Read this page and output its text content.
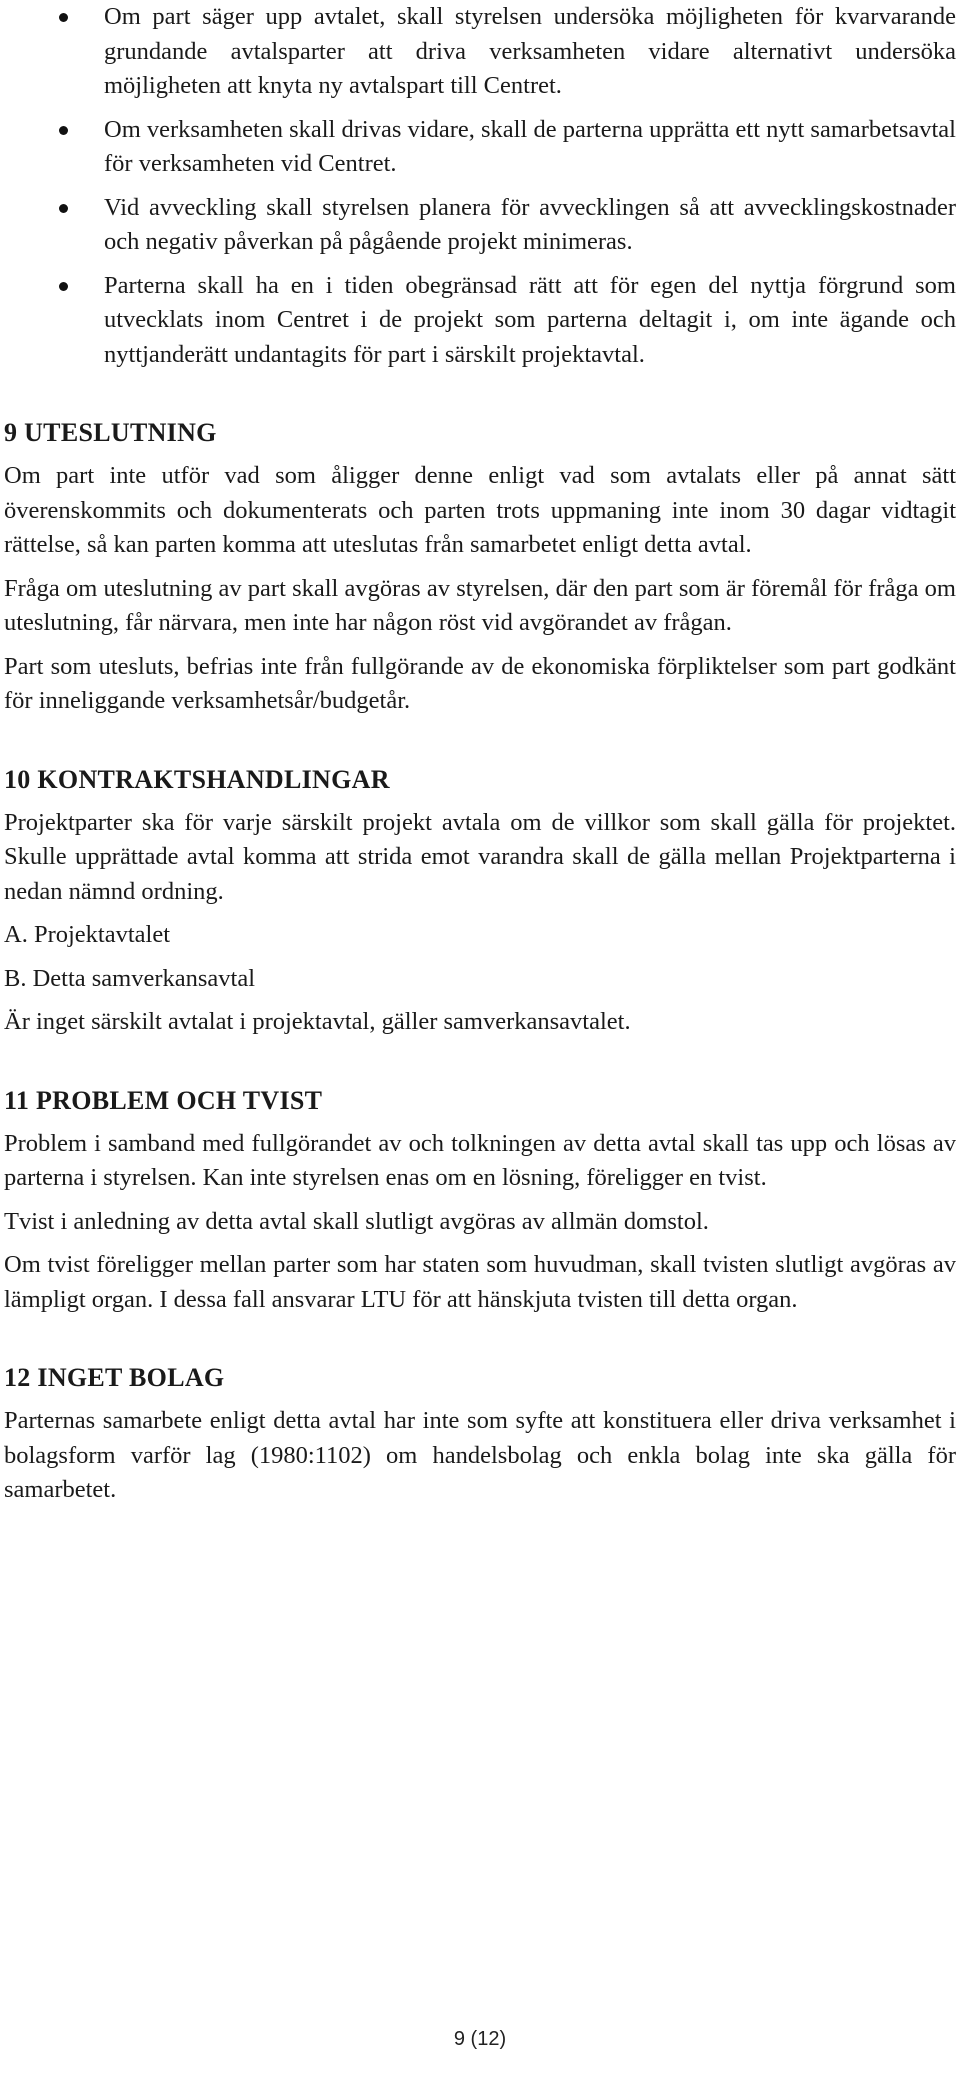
Om part säger upp avtalet, skall styrelsen undersöka möjligheten för kvarvarande grundande avtalsparter att driva verksamheten vidare alternativt undersöka möjligheten att knyta ny avtalspart till Centret.
Om verksamheten skall drivas vidare, skall de parterna upprätta ett nytt samarbetsavtal för verksamheten vid Centret.
Vid avveckling skall styrelsen planera för avvecklingen så att avvecklingskostnader och negativ påverkan på pågående projekt minimeras.
Parterna skall ha en i tiden obegränsad rätt att för egen del nyttja förgrund som utvecklats inom Centret i de projekt som parterna deltagit i, om inte ägande och nyttjanderätt undantagits för part i särskilt projektavtal.
9 UTESLUTNING

Om part inte utför vad som åligger denne enligt vad som avtalats eller på annat sätt överenskommits och dokumenterats och parten trots uppmaning inte inom 30 dagar vidtagit rättelse, så kan parten komma att uteslutas från samarbetet enligt detta avtal.

Fråga om uteslutning av part skall avgöras av styrelsen, där den part som är föremål för fråga om uteslutning, får närvara, men inte har någon röst vid avgörandet av frågan.

Part som utesluts, befrias inte från fullgörande av de ekonomiska förpliktelser som part godkänt för inneliggande verksamhetsår/budgetår.

10 KONTRAKTSHANDLINGAR

Projektparter ska för varje särskilt projekt avtala om de villkor som skall gälla för projektet. Skulle upprättade avtal komma att strida emot varandra skall de gälla mellan Projektparterna i nedan nämnd ordning.

A. Projektavtalet

B. Detta samverkansavtal

Är inget särskilt avtalat i projektavtal, gäller samverkansavtalet.

11 PROBLEM OCH TVIST

Problem i samband med fullgörandet av och tolkningen av detta avtal skall tas upp och lösas av parterna i styrelsen. Kan inte styrelsen enas om en lösning, föreligger en tvist.

Tvist i anledning av detta avtal skall slutligt avgöras av allmän domstol.

Om tvist föreligger mellan parter som har staten som huvudman, skall tvisten slutligt avgöras av lämpligt organ. I dessa fall ansvarar LTU för att hänskjuta tvisten till detta organ.

12 INGET BOLAG

Parternas samarbete enligt detta avtal har inte som syfte att konstituera eller driva verksamhet i bolagsform varför lag (1980:1102) om handelsbolag och enkla bolag inte ska gälla för samarbetet.

9 (12)
